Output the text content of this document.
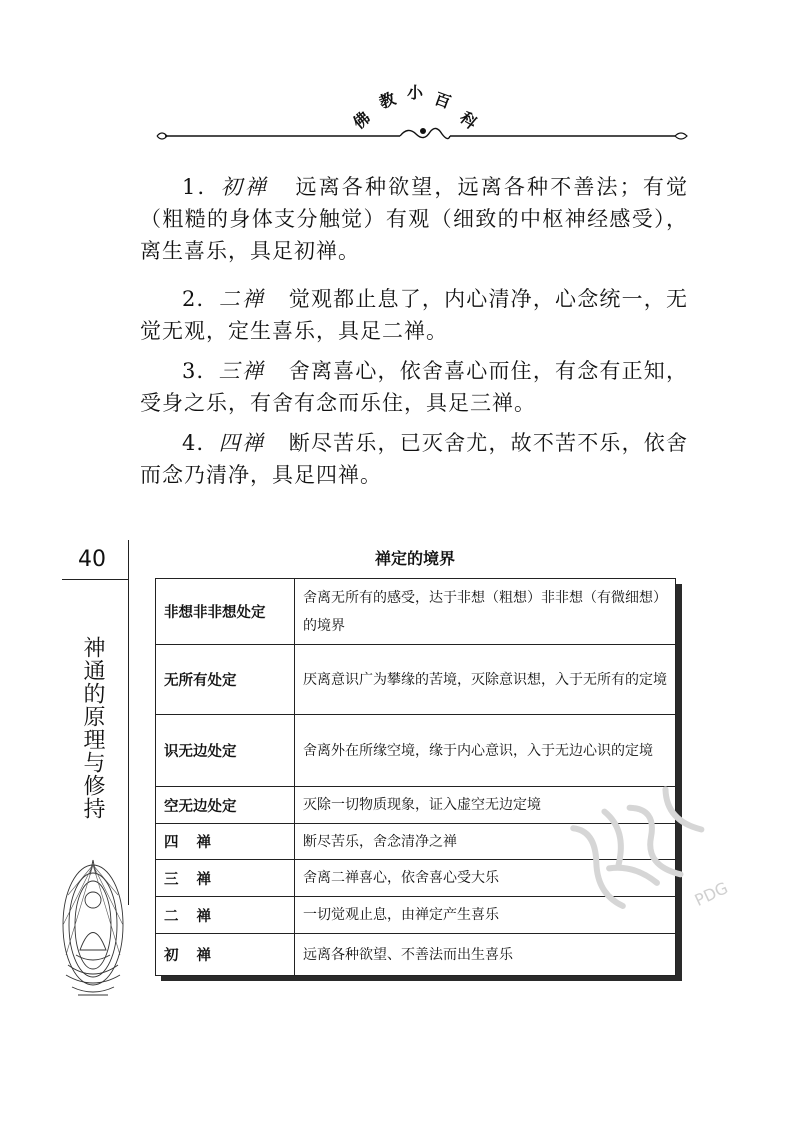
佛
教 小 百
科

1．初禅 远离各种欲望，远离各种不善法；有觉（粗糙的身体支分触觉）有观（细致的中枢神经感受），离生喜乐，具足初禅。

2．二禅 觉观都止息了，内心清净，心念统一，无觉无观，定生喜乐，具足二禅。

3．三禅 舍离喜心，依舍喜心而住，有念有正知，受身之乐，有舍有念而乐住，具足三禅。

4．四禅 断尽苦乐，已灭舍尤，故不苦不乐，依舍而念乃清净，具足四禅。

40
神通的原理与修持
禅定的境界
非想非非想处定	舍离无所有的感受，达于非想（粗想）非非想（有微细想）的境界
无所有处定	厌离意识广为攀缘的苦境，灭除意识想，入于无所有的定境
识无边处定	舍离外在所缘空境，缘于内心意识，入于无边心识的定境
空无边处定	灭除一切物质现象，证入虚空无边定境
四禅	断尽苦乐，舍念清净之禅
三禅	舍离二禅喜心，依舍喜心受大乐
二禅	一切觉观止息，由禅定产生喜乐
初禅	远离各种欲望、不善法而出生喜乐
PDG
